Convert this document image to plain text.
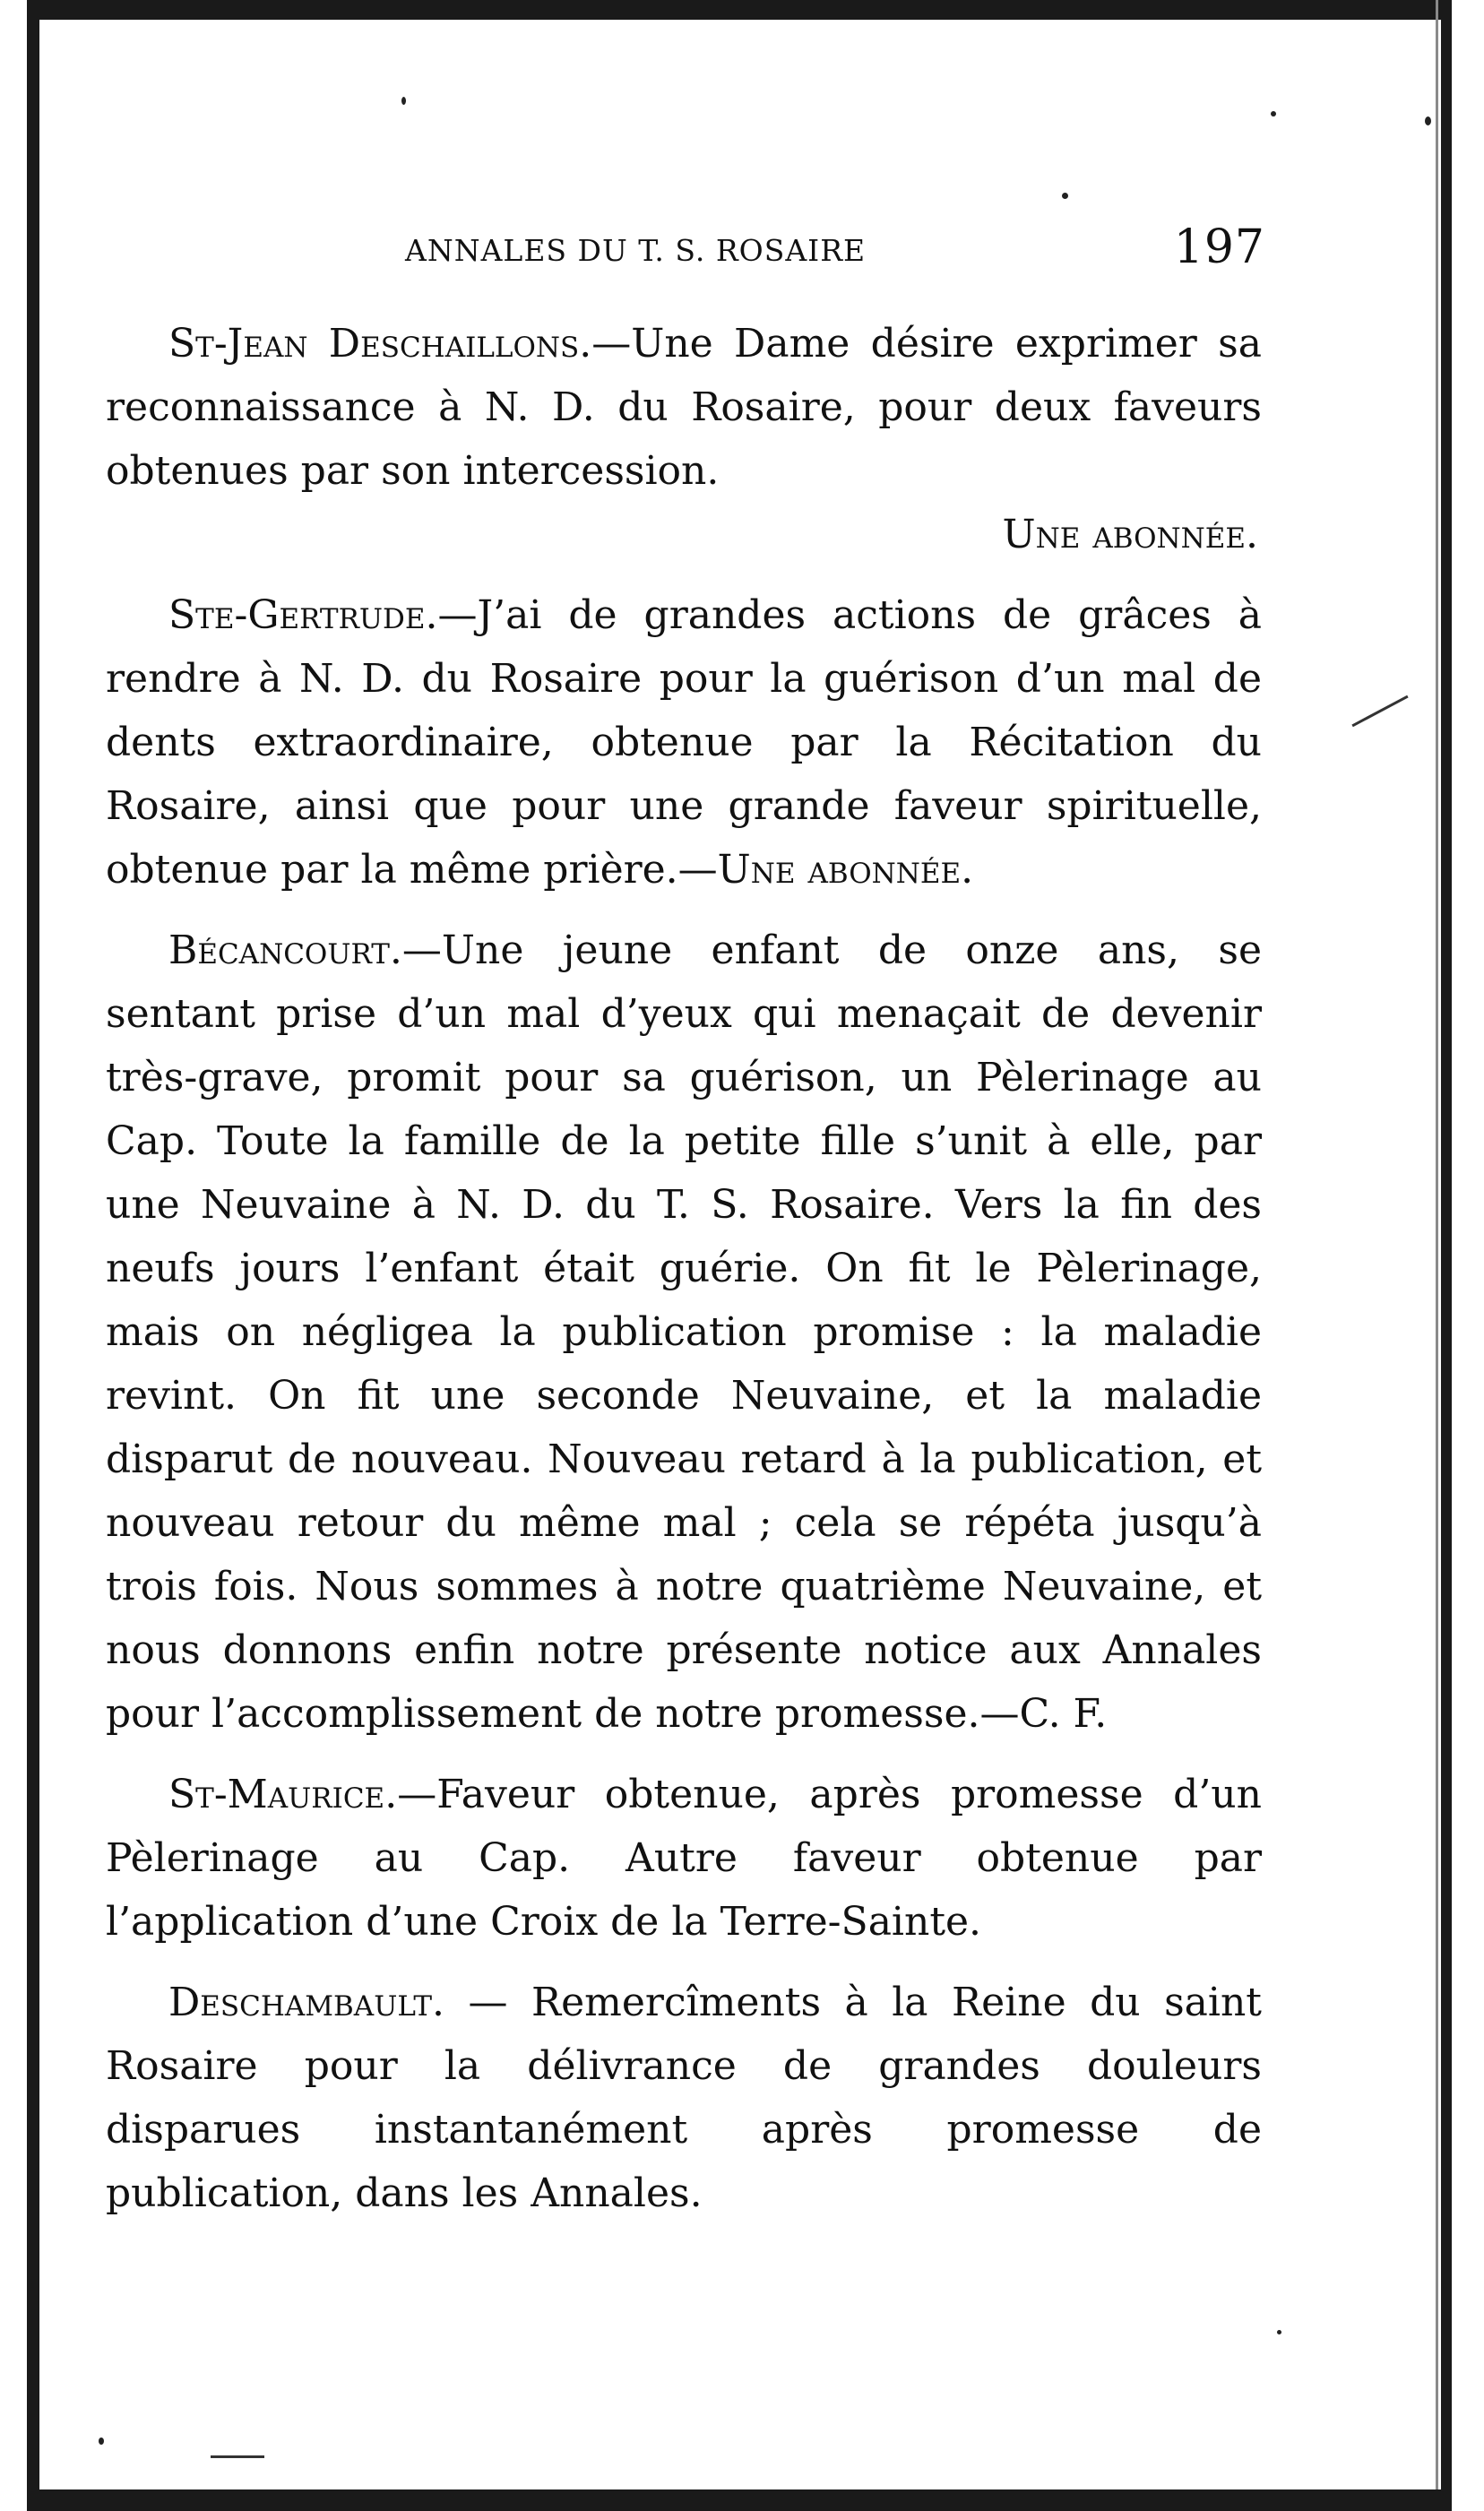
ANNALES DU T. S. ROSAIRE	197

St-Jean Deschaillons.—Une Dame désire exprimer sa reconnaissance à N. D. du Rosaire, pour deux faveurs obtenues par son intercession.
Une abonnée.

Ste-Gertrude.—J’ai de grandes actions de grâces à rendre à N. D. du Rosaire pour la guérison d’un mal de dents extraordinaire, obtenue par la Récitation du Rosaire, ainsi que pour une grande faveur spirituelle, obtenue par la même prière.—Une abonnée.

Bécancourt.—Une jeune enfant de onze ans, se sentant prise d’un mal d’yeux qui menaçait de devenir très-grave, promit pour sa guérison, un Pèlerinage au Cap. Toute la famille de la petite fille s’unit à elle, par une Neuvaine à N. D. du T. S. Rosaire. Vers la fin des neufs jours l’enfant était guérie. On fit le Pèlerinage, mais on négligea la publication promise : la maladie revint. On fit une seconde Neuvaine, et la maladie disparut de nouveau. Nouveau retard à la publication, et nouveau retour du même mal ; cela se répéta jusqu’à trois fois. Nous sommes à notre quatrième Neuvaine, et nous donnons enfin notre présente notice aux Annales pour l’accomplissement de notre promesse.—C. F.

St-Maurice.—Faveur obtenue, après promesse d’un Pèlerinage au Cap. Autre faveur obtenue par l’application d’une Croix de la Terre-Sainte.

Deschambault. — Remercîments à la Reine du saint Rosaire pour la délivrance de grandes douleurs disparues instantanément après promesse de publication, dans les Annales.
